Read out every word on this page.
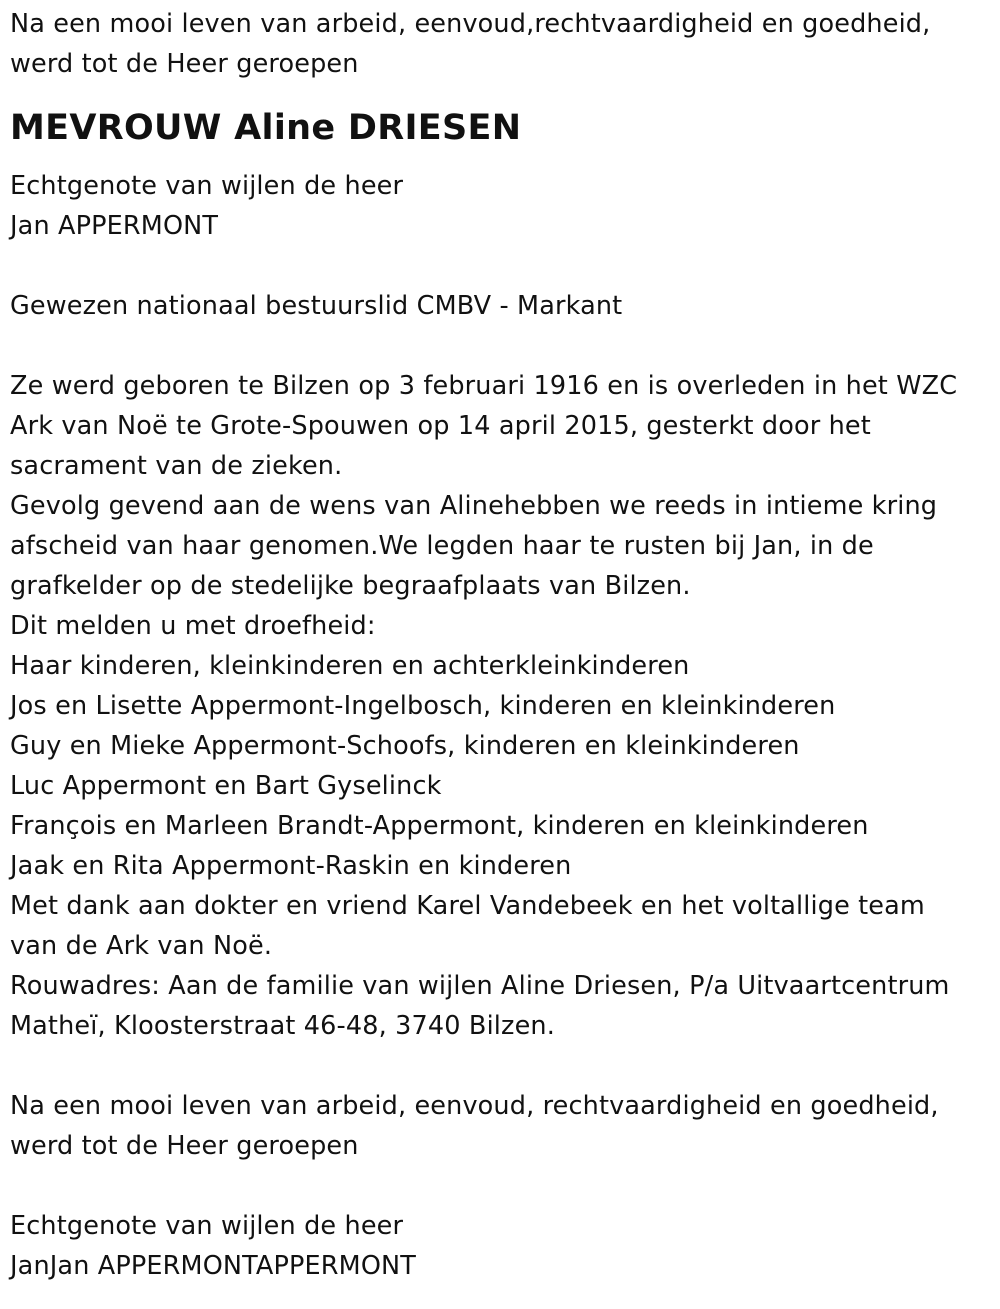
Na een mooi leven van arbeid, eenvoud,rechtvaardigheid en goedheid,
werd tot de Heer geroepen
MEVROUW Aline DRIESEN
Echtgenote van wijlen de heer
Jan APPERMONT
Gewezen nationaal bestuurslid CMBV - Markant
Ze werd geboren te Bilzen op 3 februari 1916 en is overleden in het WZC
Ark van Noë te Grote-Spouwen op 14 april 2015, gesterkt door het
sacrament van de zieken.
Gevolg gevend aan de wens van Alinehebben we reeds in intieme kring
afscheid van haar genomen.We legden haar te rusten bij Jan, in de
grafkelder op de stedelijke begraafplaats van Bilzen.
Dit melden u met droefheid:
Haar kinderen, kleinkinderen en achterkleinkinderen
Jos en Lisette Appermont-Ingelbosch, kinderen en kleinkinderen
Guy en Mieke Appermont-Schoofs, kinderen en kleinkinderen
Luc Appermont en Bart Gyselinck
François en Marleen Brandt-Appermont, kinderen en kleinkinderen
Jaak en Rita Appermont-Raskin en kinderen
Met dank aan dokter en vriend Karel Vandebeek en het voltallige team
van de Ark van Noë.
Rouwadres: Aan de familie van wijlen Aline Driesen, P/a Uitvaartcentrum
Matheï, Kloosterstraat 46-48, 3740 Bilzen.
Na een mooi leven van arbeid, eenvoud, rechtvaardigheid en goedheid,
werd tot de Heer geroepen
Echtgenote van wijlen de heer
JanJan APPERMONTAPPERMONT
